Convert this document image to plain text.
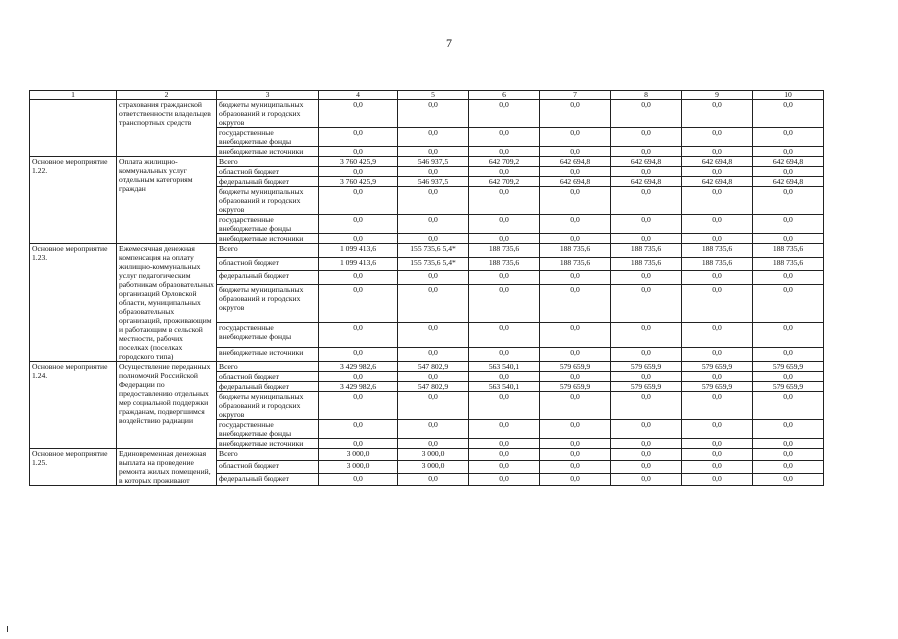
7
1	2	3	4	5	6	7	8	9	10
	страхования гражданской ответственности владельцев транспортных средств	бюджеты муниципальных образований и городских округов	0,0	0,0	0,0	0,0	0,0	0,0	0,0
		государственные внебюджетные фонды	0,0	0,0	0,0	0,0	0,0	0,0	0,0
		внебюджетные источники	0,0	0,0	0,0	0,0	0,0	0,0	0,0
Основное мероприятие 1.22.	Оплата жилищно-коммунальных услуг отдельным категориям граждан	Всего	3 760 425,9	546 937,5	642 709,2	642 694,8	642 694,8	642 694,8	642 694,8
		областной бюджет	0,0	0,0	0,0	0,0	0,0	0,0	0,0
		федеральный бюджет	3 760 425,9	546 937,5	642 709,2	642 694,8	642 694,8	642 694,8	642 694,8
		бюджеты муниципальных образований и городских округов	0,0	0,0	0,0	0,0	0,0	0,0	0,0
		государственные внебюджетные фонды	0,0	0,0	0,0	0,0	0,0	0,0	0,0
		внебюджетные источники	0,0	0,0	0,0	0,0	0,0	0,0	0,0
Основное мероприятие 1.23.	Ежемесячная денежная компенсация на оплату жилищно-коммунальных услуг педагогическим работникам образовательных организаций Орловской области, муниципальных образовательных организаций, проживающим и работающим в сельской местности, рабочих поселках (поселках городского типа)	Всего	1 099 413,6	155 735,6 5,4*	188 735,6	188 735,6	188 735,6	188 735,6	188 735,6
		областной бюджет	1 099 413,6	155 735,6 5,4*	188 735,6	188 735,6	188 735,6	188 735,6	188 735,6
		федеральный бюджет	0,0	0,0	0,0	0,0	0,0	0,0	0,0
		бюджеты муниципальных образований и городских округов	0,0	0,0	0,0	0,0	0,0	0,0	0,0
		государственные внебюджетные фонды	0,0	0,0	0,0	0,0	0,0	0,0	0,0
		внебюджетные источники	0,0	0,0	0,0	0,0	0,0	0,0	0,0
Основное мероприятие 1.24.	Осуществление переданных полномочий Российской Федерации по предоставлению отдельных мер социальной поддержки гражданам, подвергшимся воздействию радиации	Всего	3 429 982,6	547 802,9	563 540,1	579 659,9	579 659,9	579 659,9	579 659,9
		областной бюджет	0,0	0,0	0,0	0,0	0,0	0,0	0,0
		федеральный бюджет	3 429 982,6	547 802,9	563 540,1	579 659,9	579 659,9	579 659,9	579 659,9
		бюджеты муниципальных образований и городских округов	0,0	0,0	0,0	0,0	0,0	0,0	0,0
		государственные внебюджетные фонды	0,0	0,0	0,0	0,0	0,0	0,0	0,0
		внебюджетные источники	0,0	0,0	0,0	0,0	0,0	0,0	0,0
Основное мероприятие 1.25.	Единовременная денежная выплата на проведение ремонта жилых помещений, в которых проживают	Всего	3 000,0	3 000,0	0,0	0,0	0,0	0,0	0,0
		областной бюджет	3 000,0	3 000,0	0,0	0,0	0,0	0,0	0,0
		федеральный бюджет	0,0	0,0	0,0	0,0	0,0	0,0	0,0
